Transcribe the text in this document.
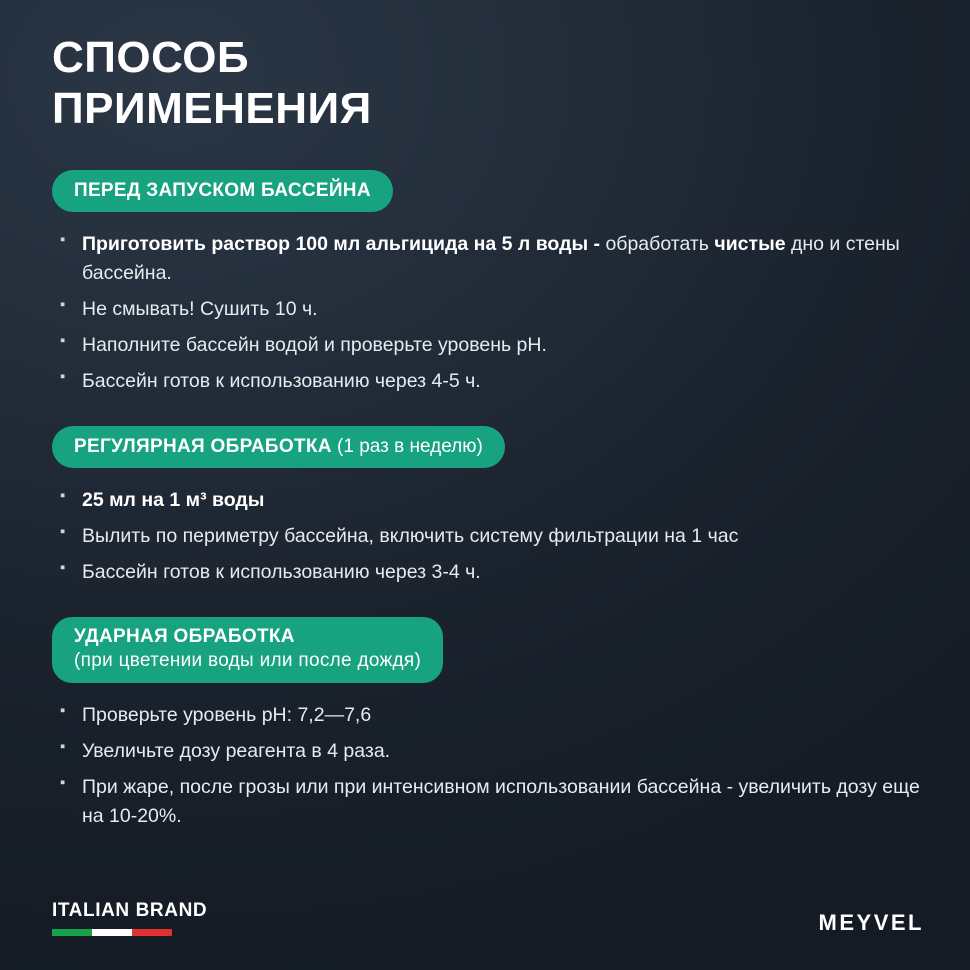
СПОСОБ
ПРИМЕНЕНИЯ
ПЕРЕД ЗАПУСКОМ БАССЕЙНА
▪ Приготовить раствор 100 мл альгицида на 5 л воды - обработать чистые дно и стены бассейна.
▪ Не смывать! Сушить 10 ч.
▪ Наполните бассейн водой и проверьте уровень pH.
▪ Бассейн готов к использованию через 4-5 ч.
РЕГУЛЯРНАЯ ОБРАБОТКА (1 раз в неделю)
▪ 25 мл на 1 м³ воды
▪ Вылить по периметру бассейна, включить систему фильтрации на 1 час
▪ Бассейн готов к использованию через 3-4 ч.
УДАРНАЯ ОБРАБОТКА
(при цветении воды или после дождя)
▪ Проверьте уровень pH: 7,2—7,6
▪ Увеличьте дозу реагента в 4 раза.
▪ При жаре, после грозы или при интенсивном использовании бассейна - увеличить дозу еще на 10-20%.
ITALIAN BRAND	MEYVEL
